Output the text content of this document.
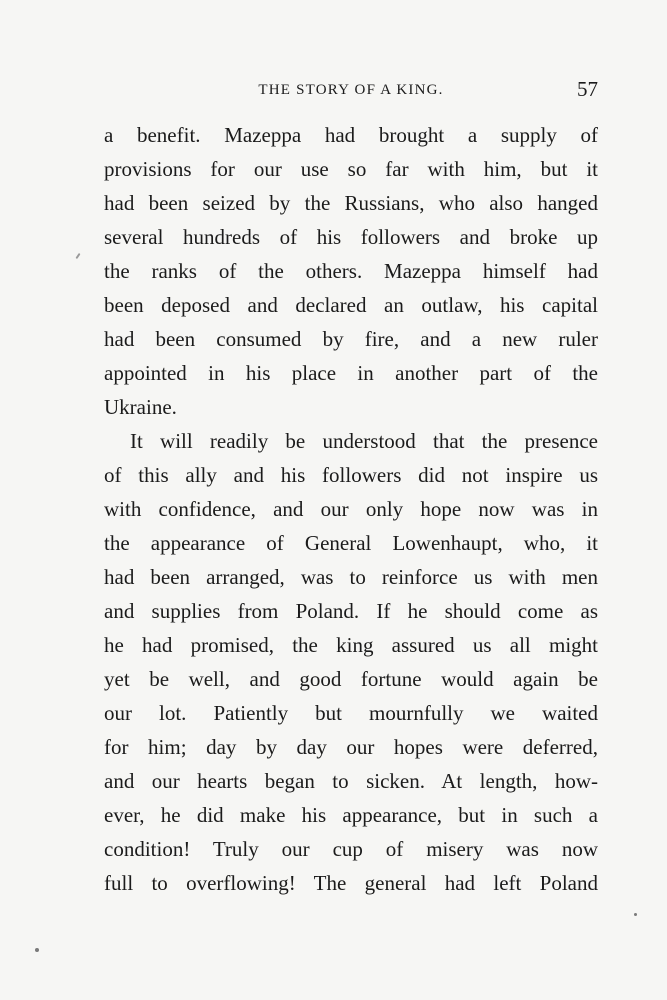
THE STORY OF A KING.	57
a benefit. Mazeppa had brought a supply of
provisions for our use so far with him, but it
had been seized by the Russians, who also hanged
several hundreds of his followers and broke up
the ranks of the others. Mazeppa himself had
been deposed and declared an outlaw, his capital
had been consumed by fire, and a new ruler
appointed in his place in another part of the
Ukraine.
It will readily be understood that the presence
of this ally and his followers did not inspire us
with confidence, and our only hope now was in
the appearance of General Lowenhaupt, who, it
had been arranged, was to reinforce us with men
and supplies from Poland. If he should come as
he had promised, the king assured us all might
yet be well, and good fortune would again be
our lot. Patiently but mournfully we waited
for him; day by day our hopes were deferred,
and our hearts began to sicken. At length, how-
ever, he did make his appearance, but in such a
condition! Truly our cup of misery was now
full to overflowing! The general had left Poland
